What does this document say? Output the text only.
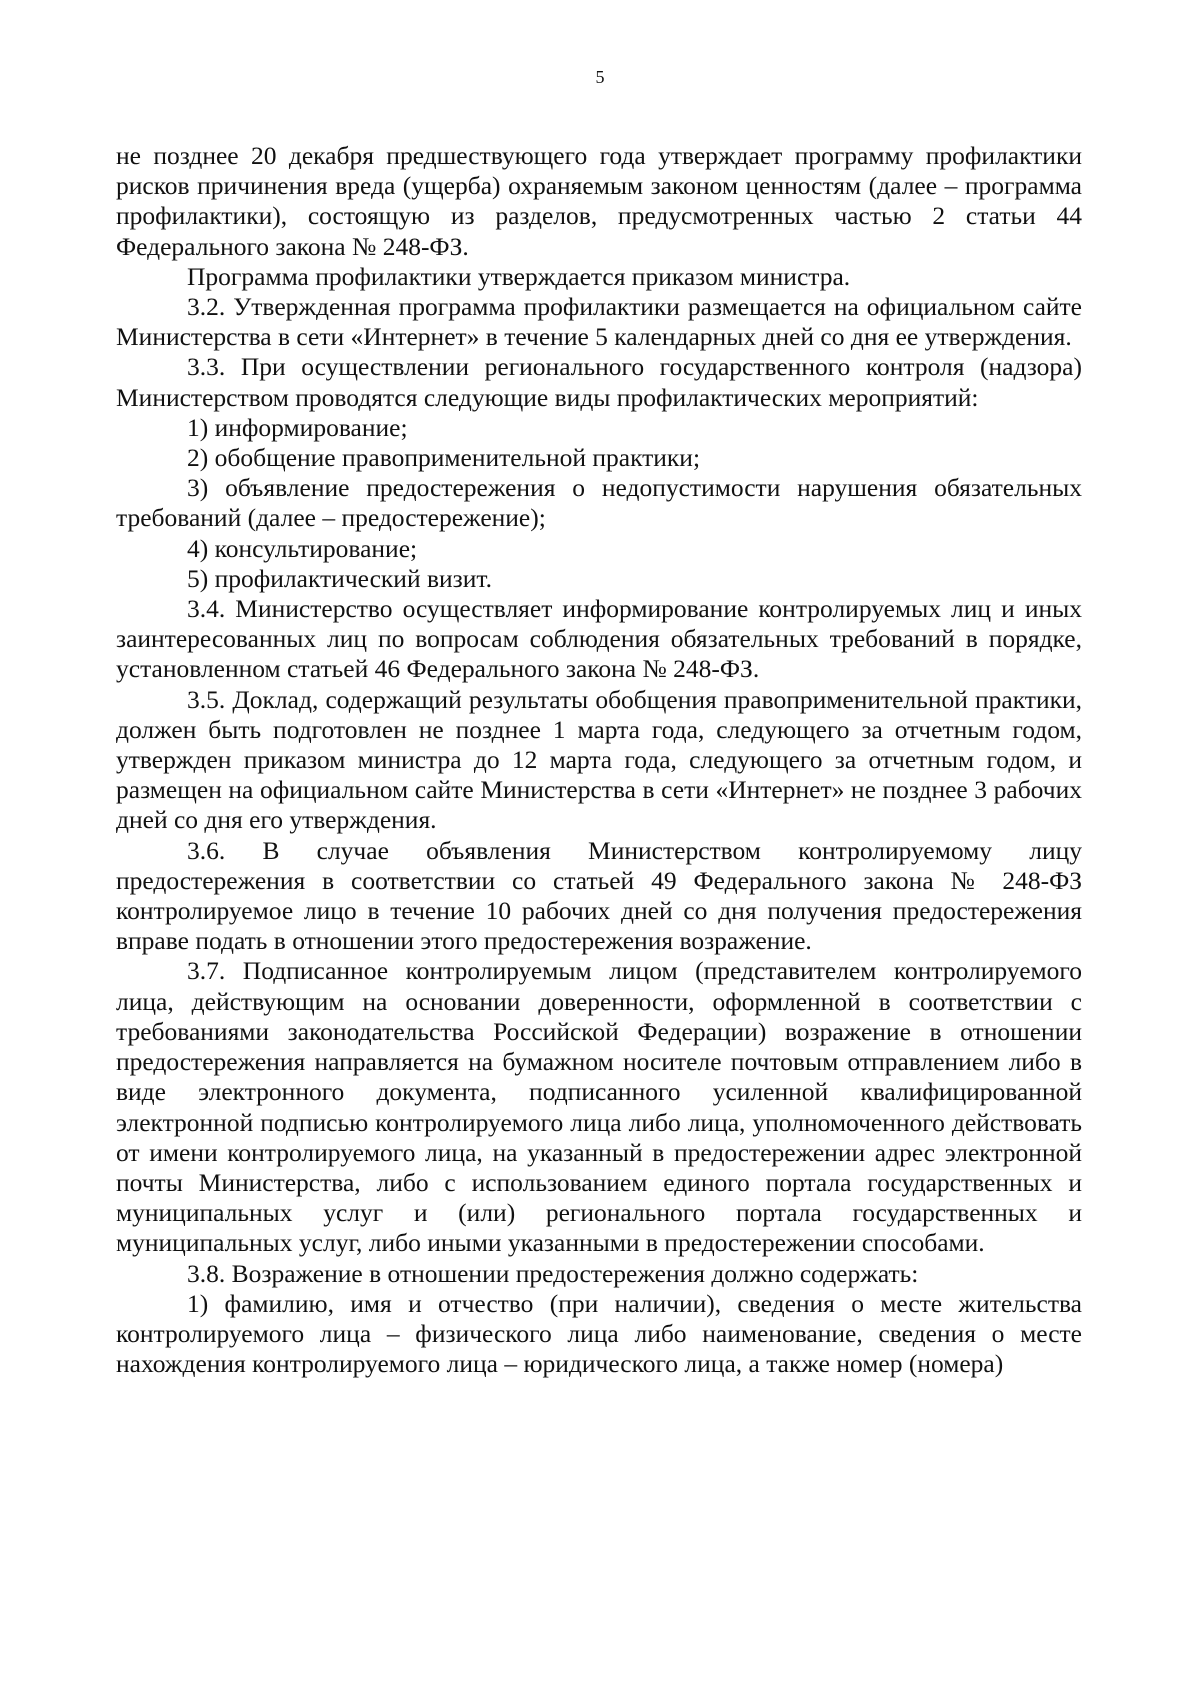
5

не позднее 20 декабря предшествующего года утверждает программу профилактики рисков причинения вреда (ущерба) охраняемым законом ценностям (далее – программа профилактики), состоящую из разделов, предусмотренных частью 2 статьи 44 Федерального закона № 248-ФЗ.

Программа профилактики утверждается приказом министра.

3.2. Утвержденная программа профилактики размещается на официальном сайте Министерства в сети «Интернет» в течение 5 календарных дней со дня ее утверждения.

3.3. При осуществлении регионального государственного контроля (надзора) Министерством проводятся следующие виды профилактических мероприятий:

1) информирование;

2) обобщение правоприменительной практики;

3) объявление предостережения о недопустимости нарушения обязательных требований (далее – предостережение);

4) консультирование;

5) профилактический визит.

3.4. Министерство осуществляет информирование контролируемых лиц и иных заинтересованных лиц по вопросам соблюдения обязательных требований в порядке, установленном статьей 46 Федерального закона № 248-ФЗ.

3.5. Доклад, содержащий результаты обобщения правоприменительной практики, должен быть подготовлен не позднее 1 марта года, следующего за отчетным годом, утвержден приказом министра до 12 марта года, следующего за отчетным годом, и размещен на официальном сайте Министерства в сети «Интернет» не позднее 3 рабочих дней со дня его утверждения.

3.6. В случае объявления Министерством контролируемому лицу предостережения в соответствии со статьей 49 Федерального закона № 248-ФЗ контролируемое лицо в течение 10 рабочих дней со дня получения предостережения вправе подать в отношении этого предостережения возражение.

3.7. Подписанное контролируемым лицом (представителем контролируемого лица, действующим на основании доверенности, оформленной в соответствии с требованиями законодательства Российской Федерации) возражение в отношении предостережения направляется на бумажном носителе почтовым отправлением либо в виде электронного документа, подписанного усиленной квалифицированной электронной подписью контролируемого лица либо лица, уполномоченного действовать от имени контролируемого лица, на указанный в предостережении адрес электронной почты Министерства, либо с использованием единого портала государственных и муниципальных услуг и (или) регионального портала государственных и муниципальных услуг, либо иными указанными в предостережении способами.

3.8. Возражение в отношении предостережения должно содержать:

1) фамилию, имя и отчество (при наличии), сведения о месте жительства контролируемого лица – физического лица либо наименование, сведения о месте нахождения контролируемого лица – юридического лица, а также номер (номера)
